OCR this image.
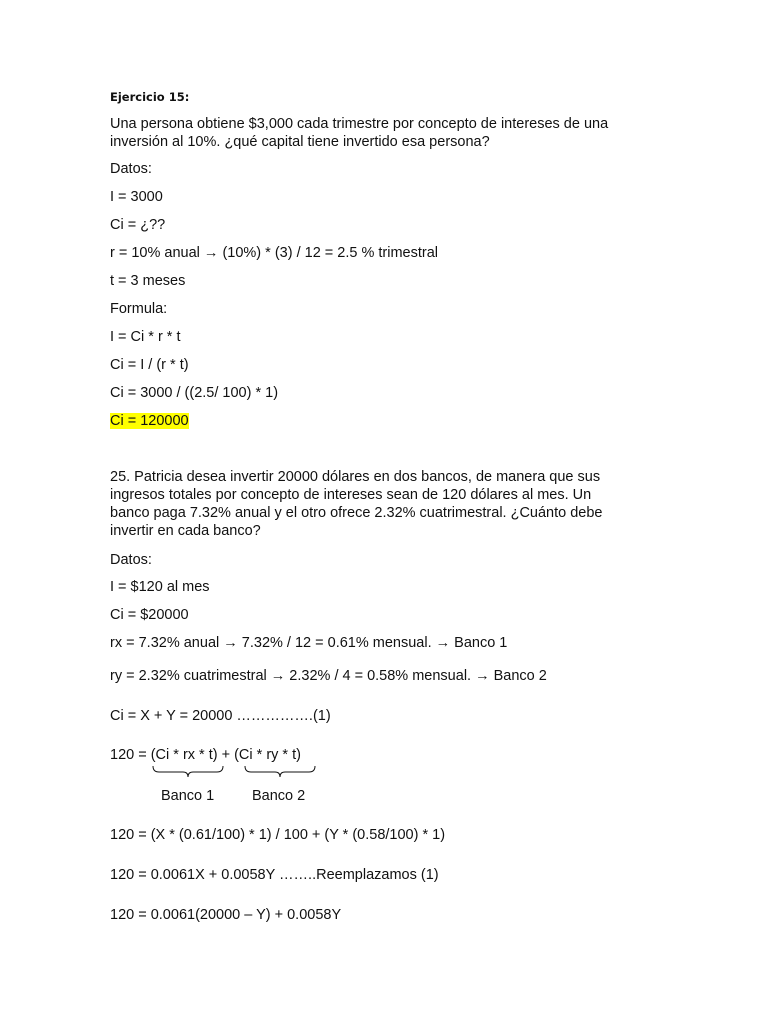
Ejercicio 15:

Una persona obtiene $3,000 cada trimestre por concepto de intereses de una

inversión al 10%. ¿qué capital tiene invertido esa persona?

Datos:

I = 3000

Ci = ¿??

r = 10% anual → (10%) * (3) / 12 = 2.5 % trimestral

t = 3 meses

Formula:

I = Ci * r * t

Ci = I / (r * t)

Ci = 3000 / ((2.5/ 100) * 1)

Ci = 120000

25. Patricia desea invertir 20000 dólares en dos bancos, de manera que sus

ingresos totales por concepto de intereses sean de 120 dólares al mes. Un

banco paga 7.32% anual y el otro ofrece 2.32% cuatrimestral. ¿Cuánto debe

invertir en cada banco?

Datos:

I = $120 al mes

Ci = $20000

rx = 7.32% anual → 7.32% / 12 = 0.61% mensual. → Banco 1

ry = 2.32% cuatrimestral → 2.32% / 4 = 0.58% mensual. → Banco 2

Ci = X + Y = 20000 …………….(1)

120 = (Ci * rx * t) + (Ci * ry * t)

Banco 1	Banco 2

120 = (X * (0.61/100) * 1) / 100 + (Y * (0.58/100) * 1)

120 = 0.0061X + 0.0058Y ……..Reemplazamos (1)

120 = 0.0061(20000 – Y) + 0.0058Y
